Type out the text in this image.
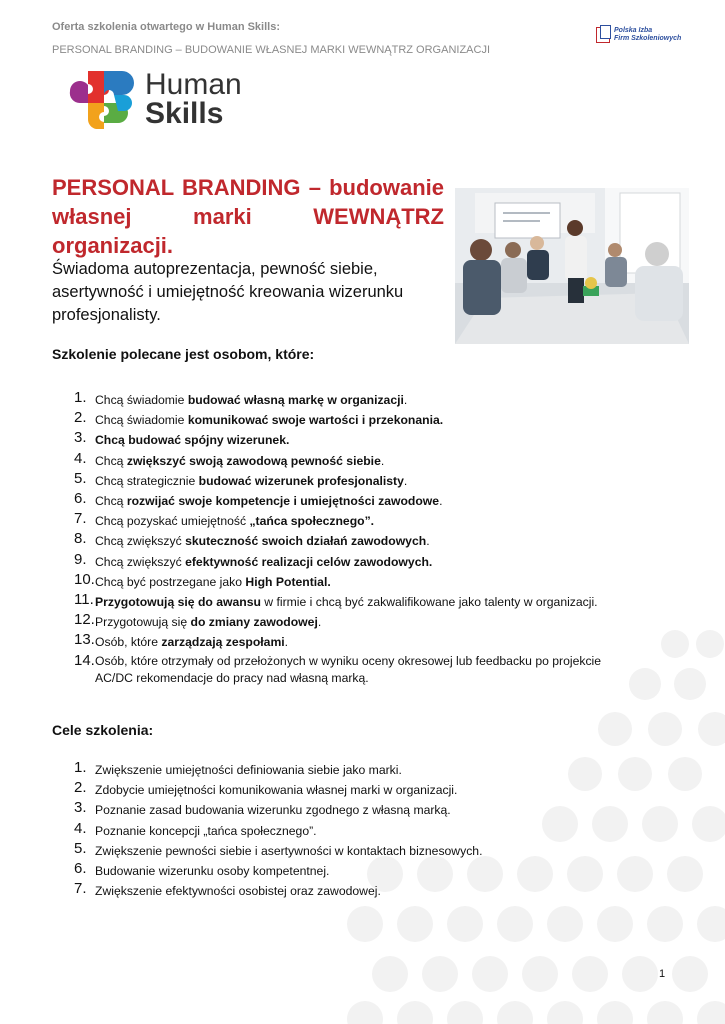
Oferta szkolenia otwartego w Human Skills:
PERSONAL BRANDING – BUDOWANIE WŁASNEJ MARKI WEWNĄTRZ ORGANIZACJI
Polska Izba
Firm Szkoleniowych
Human
Skills
PERSONAL BRANDING – budowanie
własnej marki WEWNĄTRZ organizacji.
Świadoma autoprezentacja, pewność siebie, asertywność i umiejętność kreowania wizerunku profesjonalisty.
Szkolenie polecane jest osobom, które:
1. Chcą świadomie budować własną markę w organizacji.
2. Chcą świadomie komunikować swoje wartości i przekonania.
3. Chcą budować spójny wizerunek.
4. Chcą zwiększyć swoją zawodową pewność siebie.
5. Chcą strategicznie budować wizerunek profesjonalisty.
6. Chcą rozwijać swoje kompetencje i umiejętności zawodowe.
7. Chcą pozyskać umiejętność „tańca społecznego”.
8. Chcą zwiększyć skuteczność swoich działań zawodowych.
9. Chcą zwiększyć efektywność realizacji celów zawodowych.
10. Chcą być postrzegane jako High Potential.
11. Przygotowują się do awansu w firmie i chcą być zakwalifikowane jako talenty w organizacji.
12. Przygotowują się do zmiany zawodowej.
13. Osób, które zarządzają zespołami.
14. Osób, które otrzymały od przełożonych w wyniku oceny okresowej lub feedbacku po projekcie
AC/DC rekomendacje do pracy nad własną marką.
Cele szkolenia:
1. Zwiększenie umiejętności definiowania siebie jako marki.
2. Zdobycie umiejętności komunikowania własnej marki w organizacji.
3. Poznanie zasad budowania wizerunku zgodnego z własną marką.
4. Poznanie koncepcji „tańca społecznego”.
5. Zwiększenie pewności siebie i asertywności w kontaktach biznesowych.
6. Budowanie wizerunku osoby kompetentnej.
7. Zwiększenie efektywności osobistej oraz zawodowej.
1
